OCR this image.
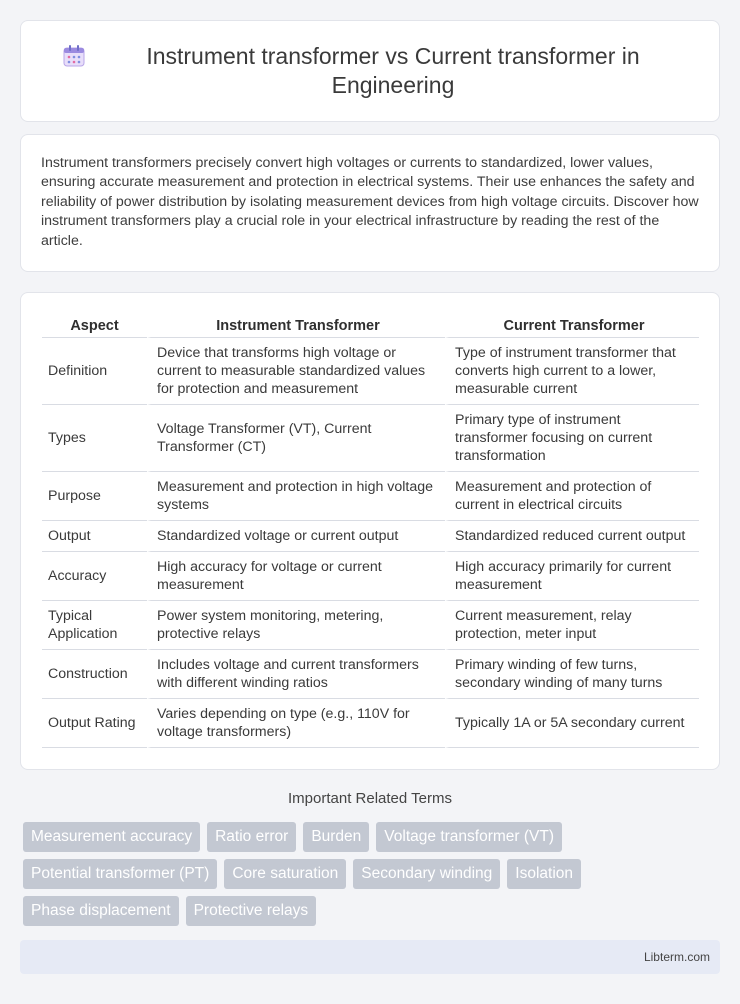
Instrument transformer vs Current transformer in Engineering

Instrument transformers precisely convert high voltages or currents to standardized, lower values, ensuring accurate measurement and protection in electrical systems. Their use enhances the safety and reliability of power distribution by isolating measurement devices from high voltage circuits. Discover how instrument transformers play a crucial role in your electrical infrastructure by reading the rest of the article.

Aspect	Instrument Transformer	Current Transformer
Definition	Device that transforms high voltage or current to measurable standardized values for protection and measurement	Type of instrument transformer that converts high current to a lower, measurable current
Types	Voltage Transformer (VT), Current Transformer (CT)	Primary type of instrument transformer focusing on current transformation
Purpose	Measurement and protection in high voltage systems	Measurement and protection of current in electrical circuits
Output	Standardized voltage or current output	Standardized reduced current output
Accuracy	High accuracy for voltage or current measurement	High accuracy primarily for current measurement
Typical Application	Power system monitoring, metering, protective relays	Current measurement, relay protection, meter input
Construction	Includes voltage and current transformers with different winding ratios	Primary winding of few turns, secondary winding of many turns
Output Rating	Varies depending on type (e.g., 110V for voltage transformers)	Typically 1A or 5A secondary current
Important Related Terms
Measurement accuracy	Ratio error	Burden	Voltage transformer (VT)
Potential transformer (PT)	Core saturation	Secondary winding	Isolation
Phase displacement	Protective relays
Libterm.com
